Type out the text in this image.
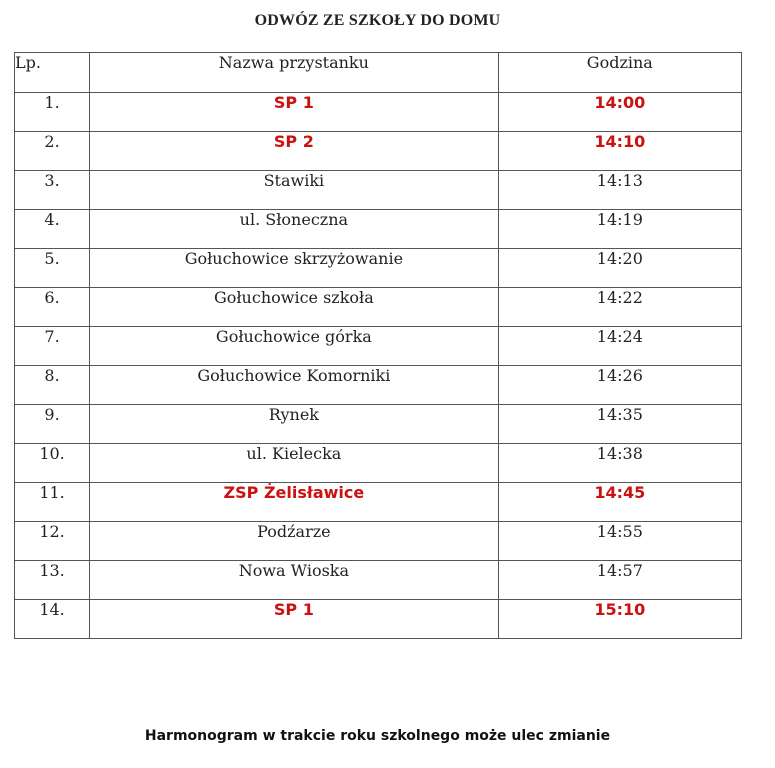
ODWÓZ ZE SZKOŁY DO DOMU
Lp.	Nazwa przystanku	Godzina
1.	SP 1	14:00
2.	SP 2	14:10
3.	Stawiki	14:13
4.	ul. Słoneczna	14:19
5.	Gołuchowice skrzyżowanie	14:20
6.	Gołuchowice szkoła	14:22
7.	Gołuchowice górka	14:24
8.	Gołuchowice Komorniki	14:26
9.	Rynek	14:35
10.	ul. Kielecka	14:38
11.	ZSP Żelisławice	14:45
12.	Podźarze	14:55
13.	Nowa Wioska	14:57
14.	SP 1	15:10
Harmonogram w trakcie roku szkolnego może ulec zmianie
